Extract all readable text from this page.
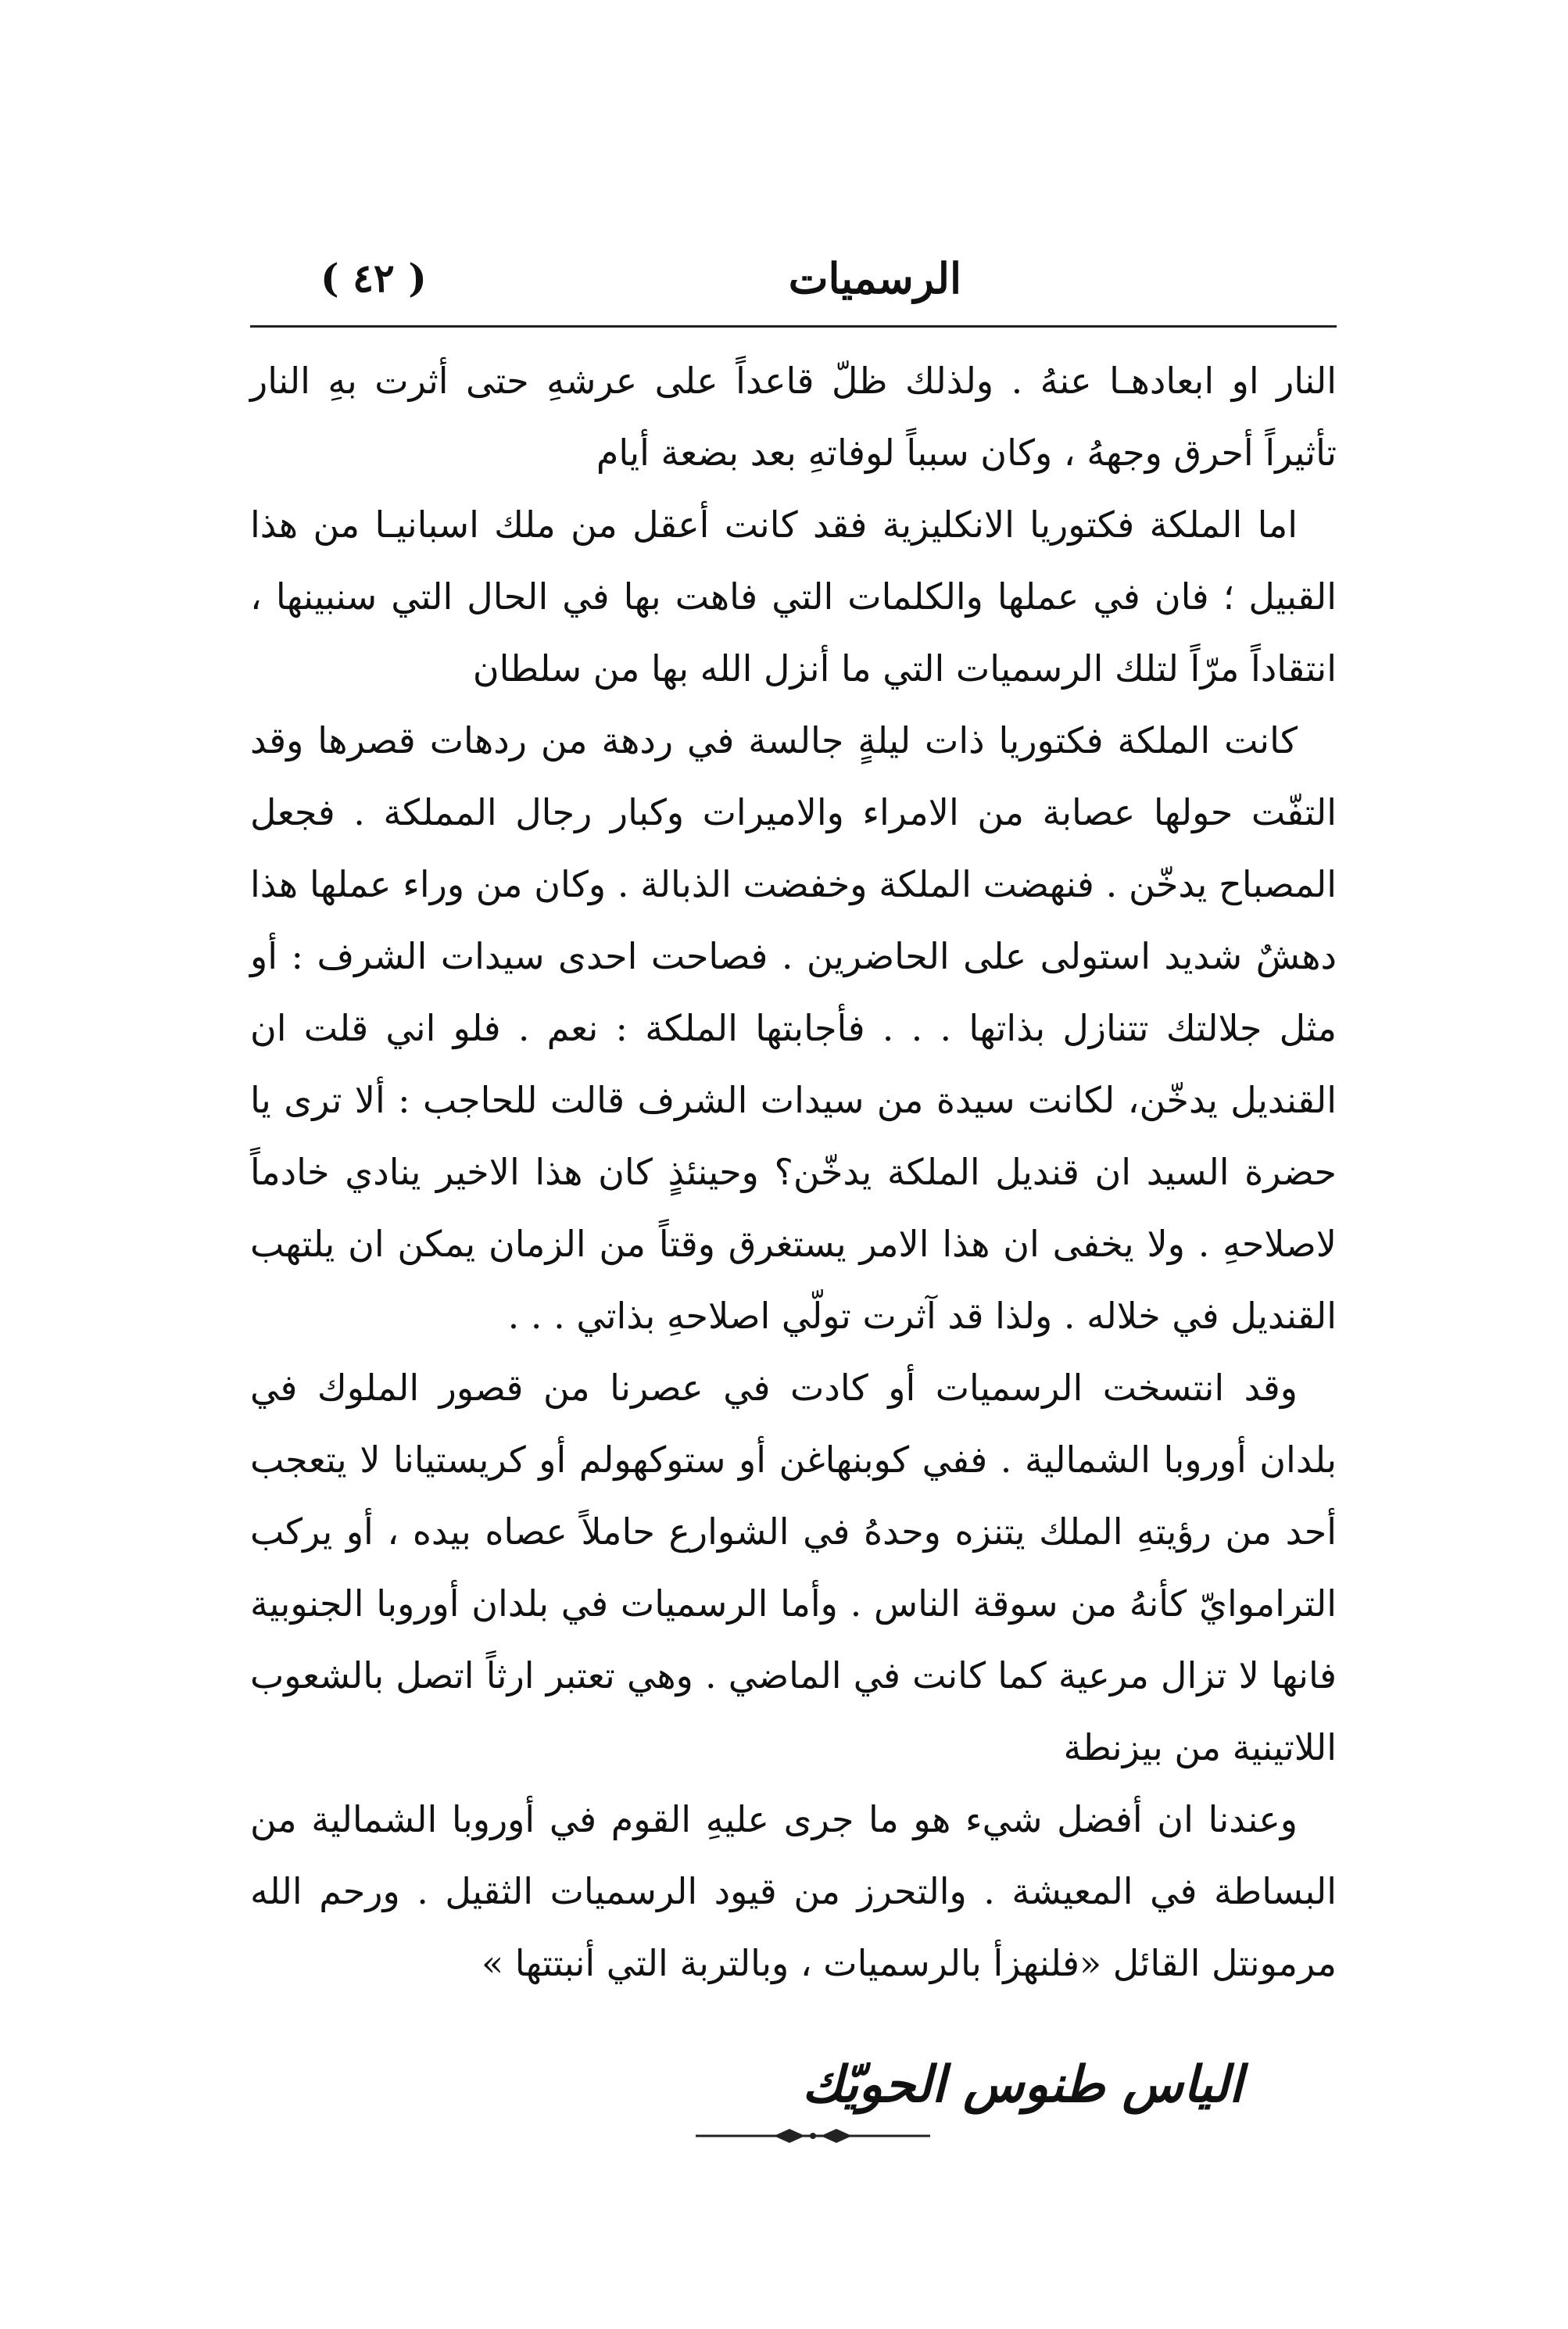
الرسميات
( ٤٢ )

النار او ابعادهـا عنهُ . ولذلك ظلّ قاعداً على عرشهِ حتى أثرت بهِ النار تأثيراً أحرق وجههُ ، وكان سبباً لوفاتهِ بعد بضعة أيام

اما الملكة فكتوريا الانكليزية فقد كانت أعقل من ملك اسبانيـا من هذا القبيل ؛ فان في عملها والكلمات التي فاهت بها في الحال التي سنبينها ، انتقاداً مرّاً لتلك الرسميات التي ما أنزل الله بها من سلطان

كانت الملكة فكتوريا ذات ليلةٍ جالسة في ردهة من ردهات قصرها وقد التفّت حولها عصابة من الامراء والاميرات وكبار رجال المملكة . فجعل المصباح يدخّن . فنهضت الملكة وخفضت الذبالة . وكان من وراء عملها هذا دهشٌ شديد استولى على الحاضرين . فصاحت احدى سيدات الشرف : أو مثل جلالتك تتنازل بذاتها . . . فأجابتها الملكة : نعم . فلو اني قلت ان القنديل يدخّن، لكانت سيدة من سيدات الشرف قالت للحاجب : ألا ترى يا حضرة السيد ان قنديل الملكة يدخّن؟ وحينئذٍ كان هذا الاخير ينادي خادماً لاصلاحهِ . ولا يخفى ان هذا الامر يستغرق وقتاً من الزمان يمكن ان يلتهب القنديل في خلاله . ولذا قد آثرت تولّي اصلاحهِ بذاتي . . .

وقد انتسخت الرسميات أو كادت في عصرنا من قصور الملوك في بلدان أوروبا الشمالية . ففي كوبنهاغن أو ستوكهولم أو كريستيانا لا يتعجب أحد من رؤيتهِ الملك يتنزه وحدهُ في الشوارع حاملاً عصاه بيده ، أو يركب التراموايّ كأنهُ من سوقة الناس . وأما الرسميات في بلدان أوروبا الجنوبية فانها لا تزال مرعية كما كانت في الماضي . وهي تعتبر ارثاً اتصل بالشعوب اللاتينية من بيزنطة

وعندنا ان أفضل شيء هو ما جرى عليهِ القوم في أوروبا الشمالية من البساطة في المعيشة . والتحرز من قيود الرسميات الثقيل . ورحم الله مرمونتل القائل «فلنهزأ بالرسميات ، وبالتربة التي أنبتتها »

الياس طنوس الحويّك
